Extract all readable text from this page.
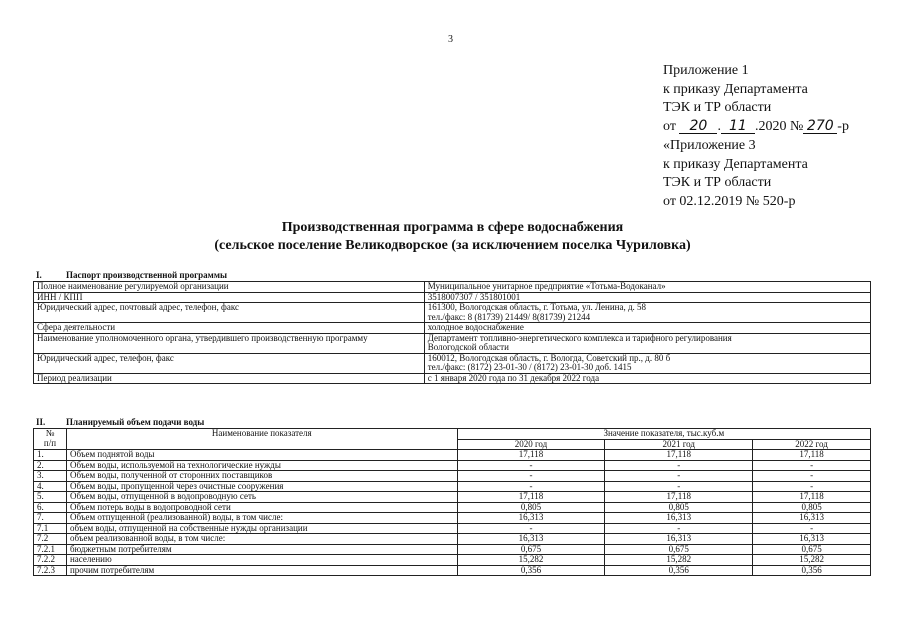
3
Приложение 1
к приказу Департамента
ТЭК и ТР области
от 20 . 11 .2020 № 270 -р
«Приложение 3
к приказу Департамента
ТЭК и ТР области
от 02.12.2019 № 520-р
Производственная программа в сфере водоснабжения
(сельское поселение Великодворское (за исключением поселка Чуриловка)
I.	Паспорт производственной программы
Полное наименование регулируемой организации	Муниципальное унитарное предприятие «Тотьма-Водоканал»
ИНН / КПП	3518007307 / 351801001
Юридический адрес, почтовый адрес, телефон, факс	161300, Вологодская область, г. Тотьма, ул. Ленина, д. 58
тел./факс: 8 (81739) 21449/ 8(81739) 21244

Сфера деятельности	холодное водоснабжение
Наименование уполномоченного органа, утвердившего производственную программу	Департамент топливно-энергетического комплекса и тарифного регулирования
Вологодской области

Юридический адрес, телефон, факс	160012, Вологодская область, г. Вологда, Советский пр., д. 80 б
тел./факс: (8172) 23-01-30 / (8172) 23-01-30 доб. 1415

Период реализации	с 1 января 2020 года по 31 декабря 2022 года
II. Планируемый объем подачи воды
№
п/п	Наименование показателя	Значение показателя, тыс.куб.м		
		2020 год	2021 год	2022 год
1.	Объем поднятой воды	17,118	17,118	17,118
2.	Объем воды, используемой на технологические нужды	-	-	-
3.	Объем воды, полученной от сторонних поставщиков	-	-	-
4.	Объем воды, пропущенной через очистные сооружения	-	-	-
5.	Объем воды, отпущенной в водопроводную сеть	17,118	17,118	17,118
6.	Объем потерь воды в водопроводной сети	0,805	0,805	0,805
7.	Объем отпущенной (реализованной) воды, в том числе:	16,313	16,313	16,313
7.1	объем воды, отпущенной на собственные нужды организации	-	-	-
7.2	объем реализованной воды, в том числе:	16,313	16,313	16,313
7.2.1	бюджетным потребителям	0,675	0,675	0,675
7.2.2	населению	15,282	15,282	15,282
7.2.3	прочим потребителям	0,356	0,356	0,356
